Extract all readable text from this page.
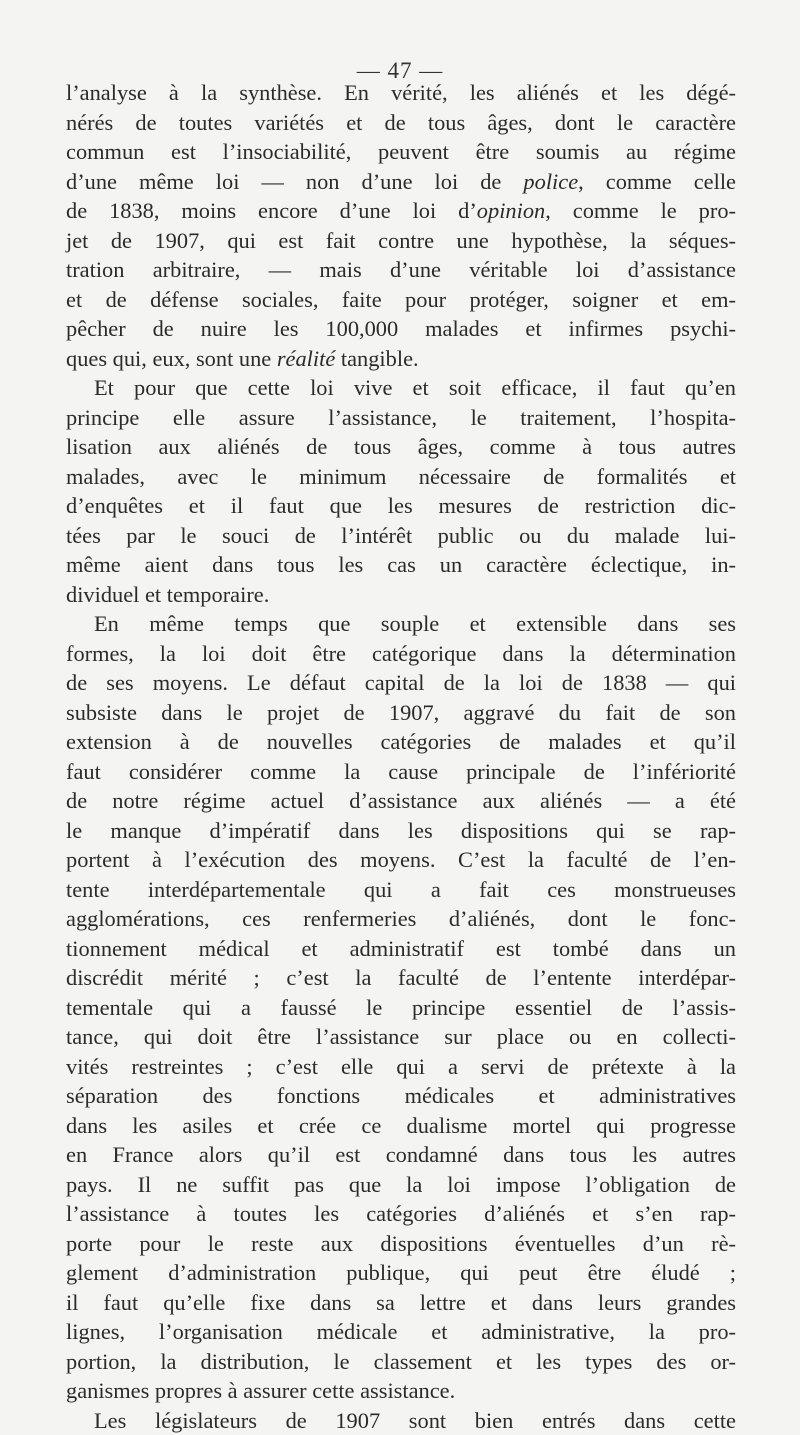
— 47 —
l’analyse à la synthèse. En vérité, les aliénés et les dégé-
nérés de toutes variétés et de tous âges, dont le caractère
commun est l’insociabilité, peuvent être soumis au régime
d’une même loi — non d’une loi de police, comme celle
de 1838, moins encore d’une loi d’opinion, comme le pro-
jet de 1907, qui est fait contre une hypothèse, la séques-
tration arbitraire, — mais d’une véritable loi d’assistance
et de défense sociales, faite pour protéger, soigner et em-
pêcher de nuire les 100,000 malades et infirmes psychi-
ques qui, eux, sont une réalité tangible.
Et pour que cette loi vive et soit efficace, il faut qu’en
principe elle assure l’assistance, le traitement, l’hospita-
lisation aux aliénés de tous âges, comme à tous autres
malades, avec le minimum nécessaire de formalités et
d’enquêtes et il faut que les mesures de restriction dic-
tées par le souci de l’intérêt public ou du malade lui-
même aient dans tous les cas un caractère éclectique, in-
dividuel et temporaire.
En même temps que souple et extensible dans ses
formes, la loi doit être catégorique dans la détermination
de ses moyens. Le défaut capital de la loi de 1838 — qui
subsiste dans le projet de 1907, aggravé du fait de son
extension à de nouvelles catégories de malades et qu’il
faut considérer comme la cause principale de l’infériorité
de notre régime actuel d’assistance aux aliénés — a été
le manque d’impératif dans les dispositions qui se rap-
portent à l’exécution des moyens. C’est la faculté de l’en-
tente interdépartementale qui a fait ces monstrueuses
agglomérations, ces renfermeries d’aliénés, dont le fonc-
tionnement médical et administratif est tombé dans un
discrédit mérité ; c’est la faculté de l’entente interdépar-
tementale qui a faussé le principe essentiel de l’assis-
tance, qui doit être l’assistance sur place ou en collecti-
vités restreintes ; c’est elle qui a servi de prétexte à la
séparation des fonctions médicales et administratives
dans les asiles et crée ce dualisme mortel qui progresse
en France alors qu’il est condamné dans tous les autres
pays. Il ne suffit pas que la loi impose l’obligation de
l’assistance à toutes les catégories d’aliénés et s’en rap-
porte pour le reste aux dispositions éventuelles d’un rè-
glement d’administration publique, qui peut être éludé ;
il faut qu’elle fixe dans sa lettre et dans leurs grandes
lignes, l’organisation médicale et administrative, la pro-
portion, la distribution, le classement et les types des or-
ganismes propres à assurer cette assistance.
Les législateurs de 1907 sont bien entrés dans cette
